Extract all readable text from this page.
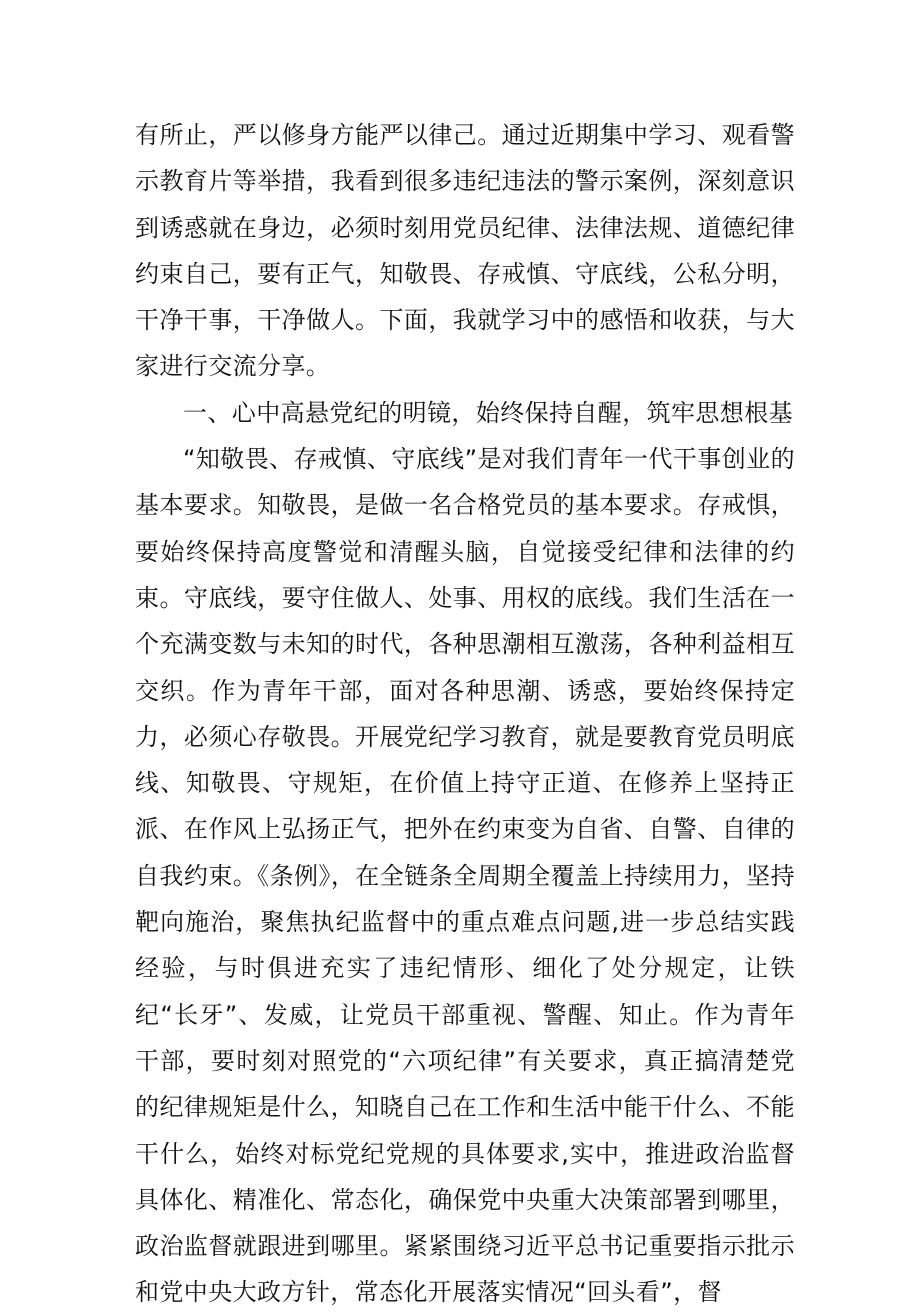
有所止，严以修身方能严以律己。通过近期集中学习、观看警示教育片等举措，我看到很多违纪违法的警示案例，深刻意识到诱惑就在身边，必须时刻用党员纪律、法律法规、道德纪律约束自己，要有正气，知敬畏、存戒慎、守底线，公私分明，干净干事，干净做人。下面，我就学习中的感悟和收获，与大家进行交流分享。

一、心中高悬党纪的明镜，始终保持自醒，筑牢思想根基

“知敬畏、存戒慎、守底线”是对我们青年一代干事创业的基本要求。知敬畏，是做一名合格党员的基本要求。存戒惧，要始终保持高度警觉和清醒头脑，自觉接受纪律和法律的约束。守底线，要守住做人、处事、用权的底线。我们生活在一个充满变数与未知的时代，各种思潮相互激荡，各种利益相互交织。作为青年干部，面对各种思潮、诱惑，要始终保持定力，必须心存敬畏。开展党纪学习教育，就是要教育党员明底线、知敬畏、守规矩，在价值上持守正道、在修养上坚持正派、在作风上弘扬正气，把外在约束变为自省、自警、自律的自我约束。《条例》，在全链条全周期全覆盖上持续用力，坚持靶向施治，聚焦执纪监督中的重点难点问题,进一步总结实践经验，与时俱进充实了违纪情形、细化了处分规定，让铁纪“长牙”、发威，让党员干部重视、警醒、知止。作为青年干部，要时刻对照党的“六项纪律”有关要求，真正搞清楚党的纪律规矩是什么，知晓自己在工作和生活中能干什么、不能干什么，始终对标党纪党规的具体要求,实中，推进政治监督具体化、精准化、常态化，确保党中央重大决策部署到哪里，政治监督就跟进到哪里。紧紧围绕习近平总书记重要指示批示和党中央大政方针，常态化开展落实情况“回头看”，督
